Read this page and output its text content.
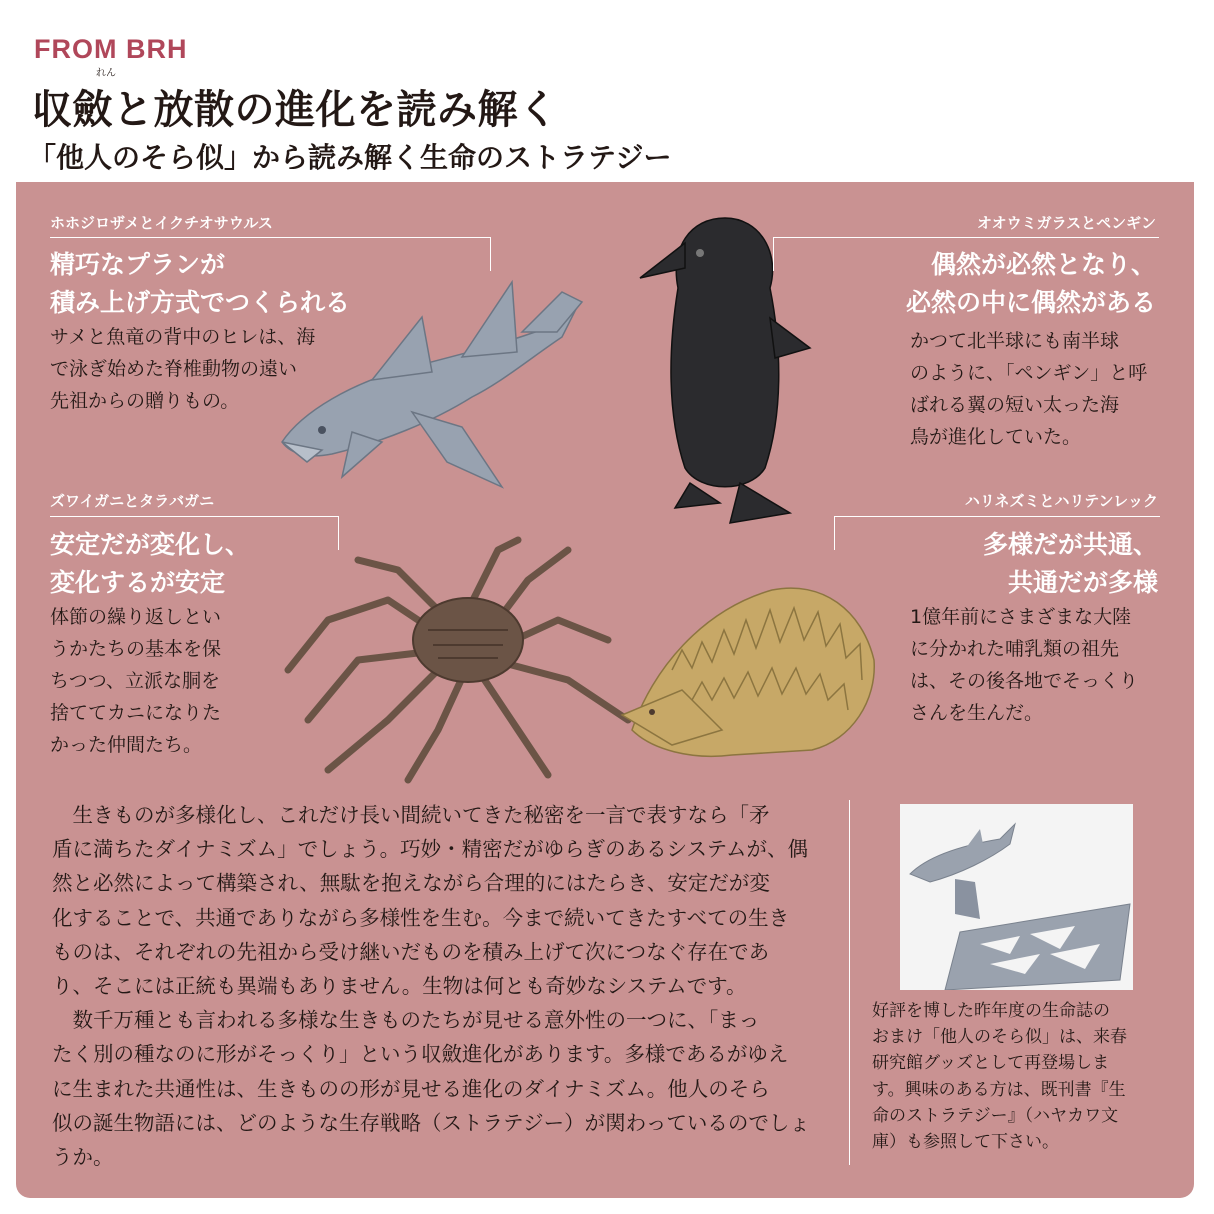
FROM BRH

れん

収斂と放散の進化を読み解く
「他人のそら似」から読み解く生命のストラテジー

ホホジロザメとイクチオサウルス

精巧なプランが

積み上げ方式でつくられる

サメと魚竜の背中のヒレは、海

で泳ぎ始めた脊椎動物の遠い

先祖からの贈りもの。

オオウミガラスとペンギン

偶然が必然となり、

必然の中に偶然がある

かつて北半球にも南半球

のように、「ペンギン」と呼

ばれる翼の短い太った海

鳥が進化していた。

ズワイガニとタラバガニ

安定だが変化し、

変化するが安定

体節の繰り返しとい

うかたちの基本を保

ちつつ、立派な胴を

捨ててカニになりた

かった仲間たち。

ハリネズミとハリテンレック

多様だが共通、

共通だが多様

1億年前にさまざまな大陸

に分かれた哺乳類の祖先

は、その後各地でそっくり

さんを生んだ。

　生きものが多様化し、これだけ長い間続いてきた秘密を一言で表すなら「矛
盾に満ちたダイナミズム」でしょう。巧妙・精密だがゆらぎのあるシステムが、偶
然と必然によって構築され、無駄を抱えながら合理的にはたらき、安定だが変
化することで、共通でありながら多様性を生む。今まで続いてきたすべての生き
ものは、それぞれの先祖から受け継いだものを積み上げて次につなぐ存在であ
り、そこには正統も異端もありません。生物は何とも奇妙なシステムです。
　数千万種とも言われる多様な生きものたちが見せる意外性の一つに、「まっ
たく別の種なのに形がそっくり」という収斂進化があります。多様であるがゆえ
に生まれた共通性は、生きものの形が見せる進化のダイナミズム。他人のそら
似の誕生物語には、どのような生存戦略（ストラテジー）が関わっているのでしょ
うか。
好評を博した昨年度の生命誌の
おまけ「他人のそら似」は、来春
研究館グッズとして再登場しま
す。興味のある方は、既刊書『生
命のストラテジー』（ハヤカワ文
庫）も参照して下さい。
